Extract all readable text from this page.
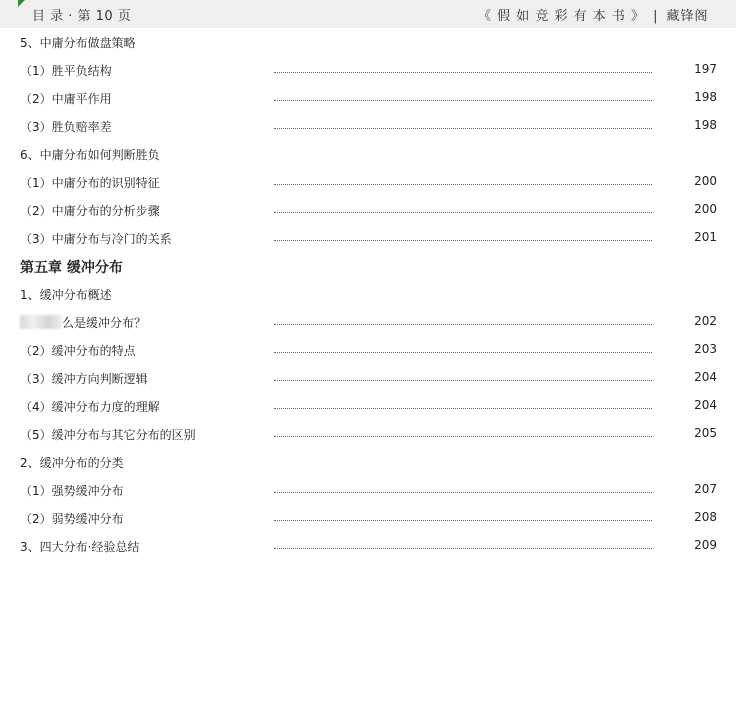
目 录 · 第 10 页	《 假 如 竞 彩 有 本 书 》 | 藏锋阁
5、中庸分布做盘策略
（1）胜平负结构	197
（2）中庸平作用	198
（3）胜负赔率差	198
6、中庸分布如何判断胜负
（1）中庸分布的识别特征	200
（2）中庸分布的分析步骤	200
（3）中庸分布与冷门的关系	201
第五章 缓冲分布
1、缓冲分布概述
么是缓冲分布？	202
（2）缓冲分布的特点	203
（3）缓冲方向判断逻辑	204
（4）缓冲分布力度的理解	204
（5）缓冲分布与其它分布的区别	205
2、缓冲分布的分类
（1）强势缓冲分布	207
（2）弱势缓冲分布	208
3、四大分布·经验总结	209
